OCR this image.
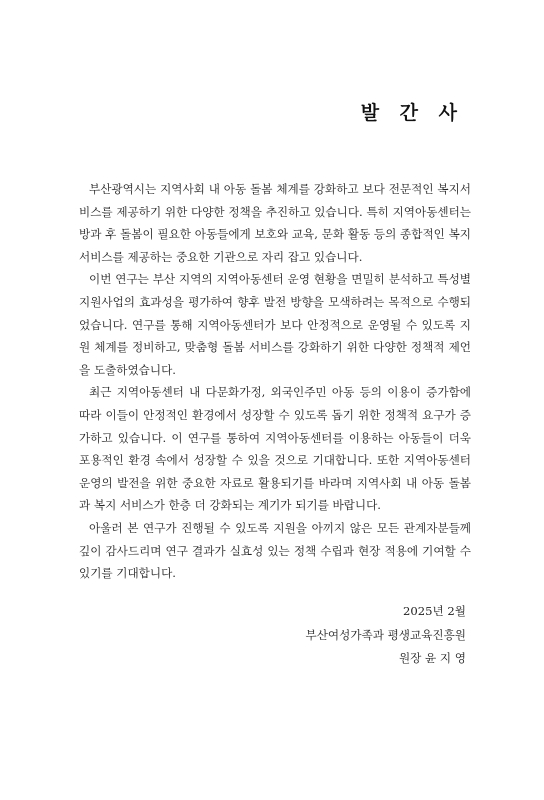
발 간 사

부산광역시는 지역사회 내 아동 돌봄 체계를 강화하고 보다 전문적인 복지서비스를 제공하기 위한 다양한 정책을 추진하고 있습니다. 특히 지역아동센터는 방과 후 돌봄이 필요한 아동들에게 보호와 교육, 문화 활동 등의 종합적인 복지서비스를 제공하는 중요한 기관으로 자리 잡고 있습니다.

이번 연구는 부산 지역의 지역아동센터 운영 현황을 면밀히 분석하고 특성별 지원사업의 효과성을 평가하여 향후 발전 방향을 모색하려는 목적으로 수행되었습니다. 연구를 통해 지역아동센터가 보다 안정적으로 운영될 수 있도록 지원 체계를 정비하고, 맞춤형 돌봄 서비스를 강화하기 위한 다양한 정책적 제언을 도출하였습니다.

최근 지역아동센터 내 다문화가정, 외국인주민 아동 등의 이용이 증가함에 따라 이들이 안정적인 환경에서 성장할 수 있도록 돕기 위한 정책적 요구가 증가하고 있습니다. 이 연구를 통하여 지역아동센터를 이용하는 아동들이 더욱 포용적인 환경 속에서 성장할 수 있을 것으로 기대합니다. 또한 지역아동센터 운영의 발전을 위한 중요한 자료로 활용되기를 바라며 지역사회 내 아동 돌봄과 복지 서비스가 한층 더 강화되는 계기가 되기를 바랍니다.

아울러 본 연구가 진행될 수 있도록 지원을 아끼지 않은 모든 관계자분들께 깊이 감사드리며 연구 결과가 실효성 있는 정책 수립과 현장 적용에 기여할 수 있기를 기대합니다.

2025년 2월
부산여성가족과 평생교육진흥원
원장 윤 지 영
